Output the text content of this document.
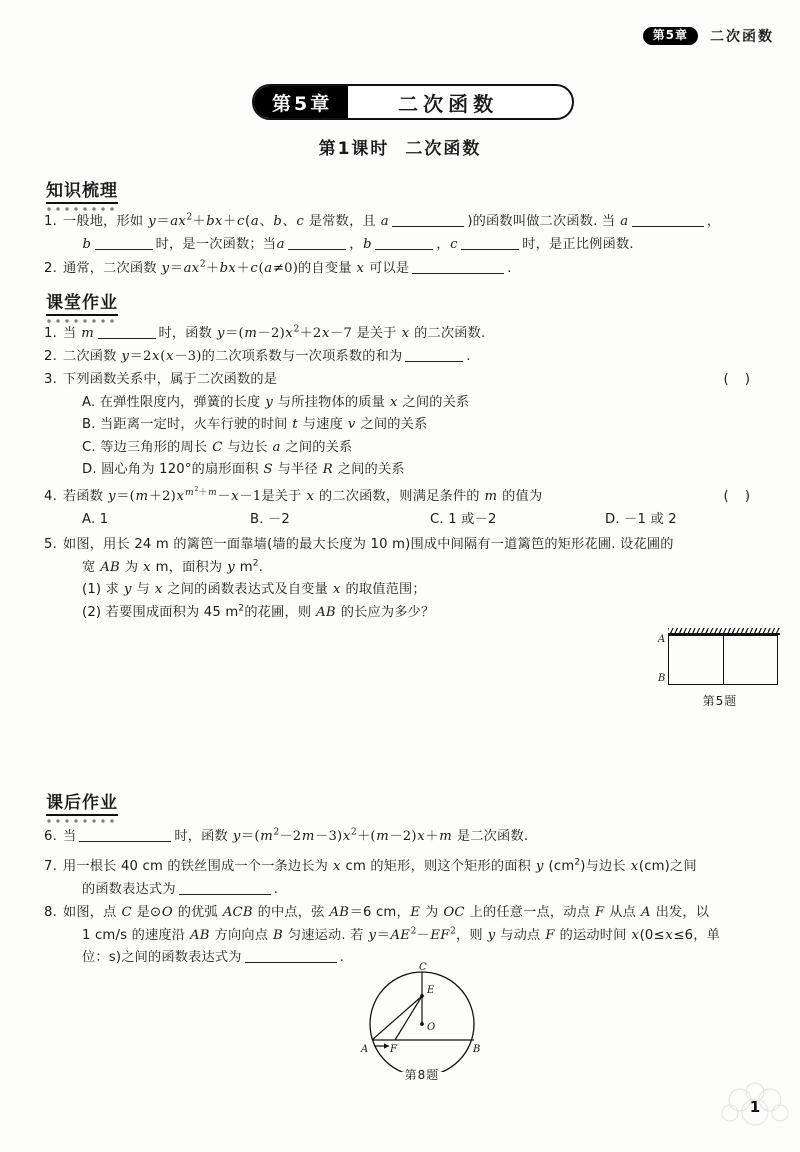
第5章	二次函数
第5章	二次函数
第1课时 二次函数
知识梳理
1. 一般地，形如 $y=ax^2+bx+c(a$、b、c 是常数，且 a	)的函数叫做二次函数. 当 a	，
b	时，是一次函数；当a	，b	，c	时，是正比例函数.
2. 通常，二次函数 $y=ax^2+bx+c(a\ne 0)$的自变量 x 可以是	.
课堂作业
1. 当 m	时，函数 $y=(m-2)x^2+2x-7$ 是关于 x 的二次函数.
2. 二次函数 y＝2x(x－3)的二次项系数与一次项系数的和为	.
3. 下列函数关系中，属于二次函数的是	( )
A. 在弹性限度内，弹簧的长度 y 与所挂物体的质量 x 之间的关系
B. 当距离一定时，火车行驶的时间 t 与速度 v 之间的关系
C. 等边三角形的周长 C 与边长 a 之间的关系
D. 圆心角为 120°的扇形面积 S 与半径 R 之间的关系
4. 若函数 $y=(m+2)x^{m^2+m}-x-1$是关于 x 的二次函数，则满足条件的 m 的值为	( )
A. 1	B. －2	C. 1 或－2	D. －1 或 2
5. 如图，用长 24 m 的篱笆一面靠墙(墙的最大长度为 10 m)围成中间隔有一道篱笆的矩形花圃. 设花圃的
宽 AB 为 x m，面积为 y $m^2$.
(1) 求 y 与 x 之间的函数表达式及自变量 x 的取值范围；
(2) 若要围成面积为 45 $m^2$的花圃，则 AB 的长应为多少？
A
B
第5题
课后作业
6. 当	时，函数 $y=(m^2-2m-3)x^2+(m-2)x+m$ 是二次函数.
7. 用一根长 40 cm 的铁丝围成一个一条边长为 x cm 的矩形，则这个矩形的面积 y $(cm^2)$与边长 x(cm)之间
的函数表达式为	.
8. 如图，点 C 是⊙O 的优弧 ACB 的中点，弦 AB＝6 cm，E 为 OC 上的任意一点，动点 F 从点 A 出发，以
1 cm/s 的速度沿 AB 方向向点 B 匀速运动. 若 $y=AE^2-EF^2$，则 y 与动点 F 的运动时间 x(0≤x≤6，单
位：s)之间的函数表达式为	.
C
E
O
A F	B
第8题
1
